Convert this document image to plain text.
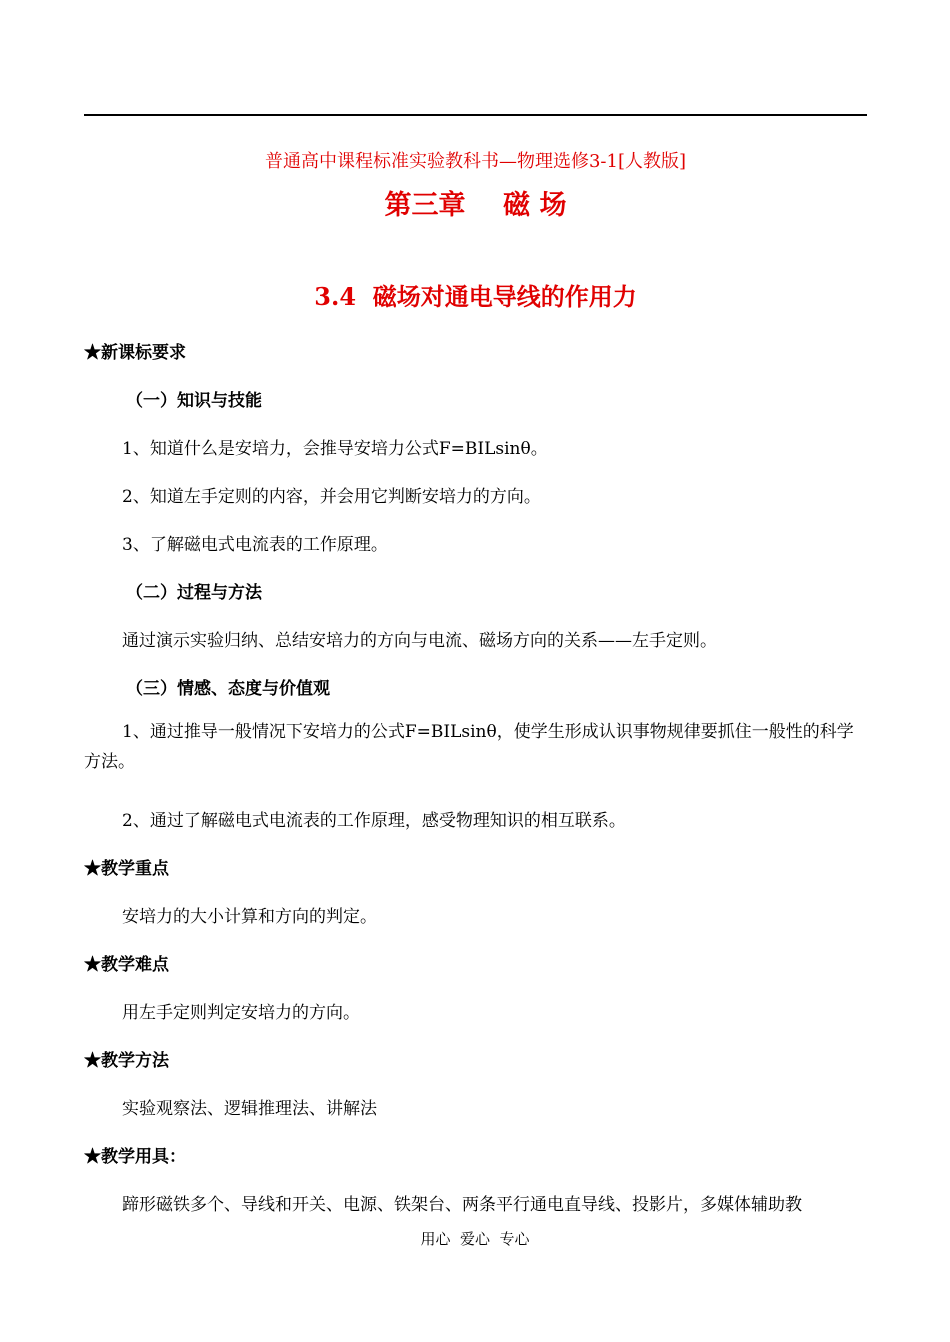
普通高中课程标准实验教科书—物理选修3-1[人教版]
第三章    磁 场
3.4  磁场对通电导线的作用力
★新课标要求
（一）知识与技能
1、知道什么是安培力，会推导安培力公式F=BILsinθ。
2、知道左手定则的内容，并会用它判断安培力的方向。
3、了解磁电式电流表的工作原理。
（二）过程与方法
通过演示实验归纳、总结安培力的方向与电流、磁场方向的关系——左手定则。
（三）情感、态度与价值观
1、通过推导一般情况下安培力的公式F=BILsinθ，使学生形成认识事物规律要抓住一般性的科学方法。
2、通过了解磁电式电流表的工作原理，感受物理知识的相互联系。
★教学重点
安培力的大小计算和方向的判定。
★教学难点
用左手定则判定安培力的方向。
★教学方法
实验观察法、逻辑推理法、讲解法
★教学用具：
蹄形磁铁多个、导线和开关、电源、铁架台、两条平行通电直导线、投影片，多媒体辅助教
用心  爱心  专心
